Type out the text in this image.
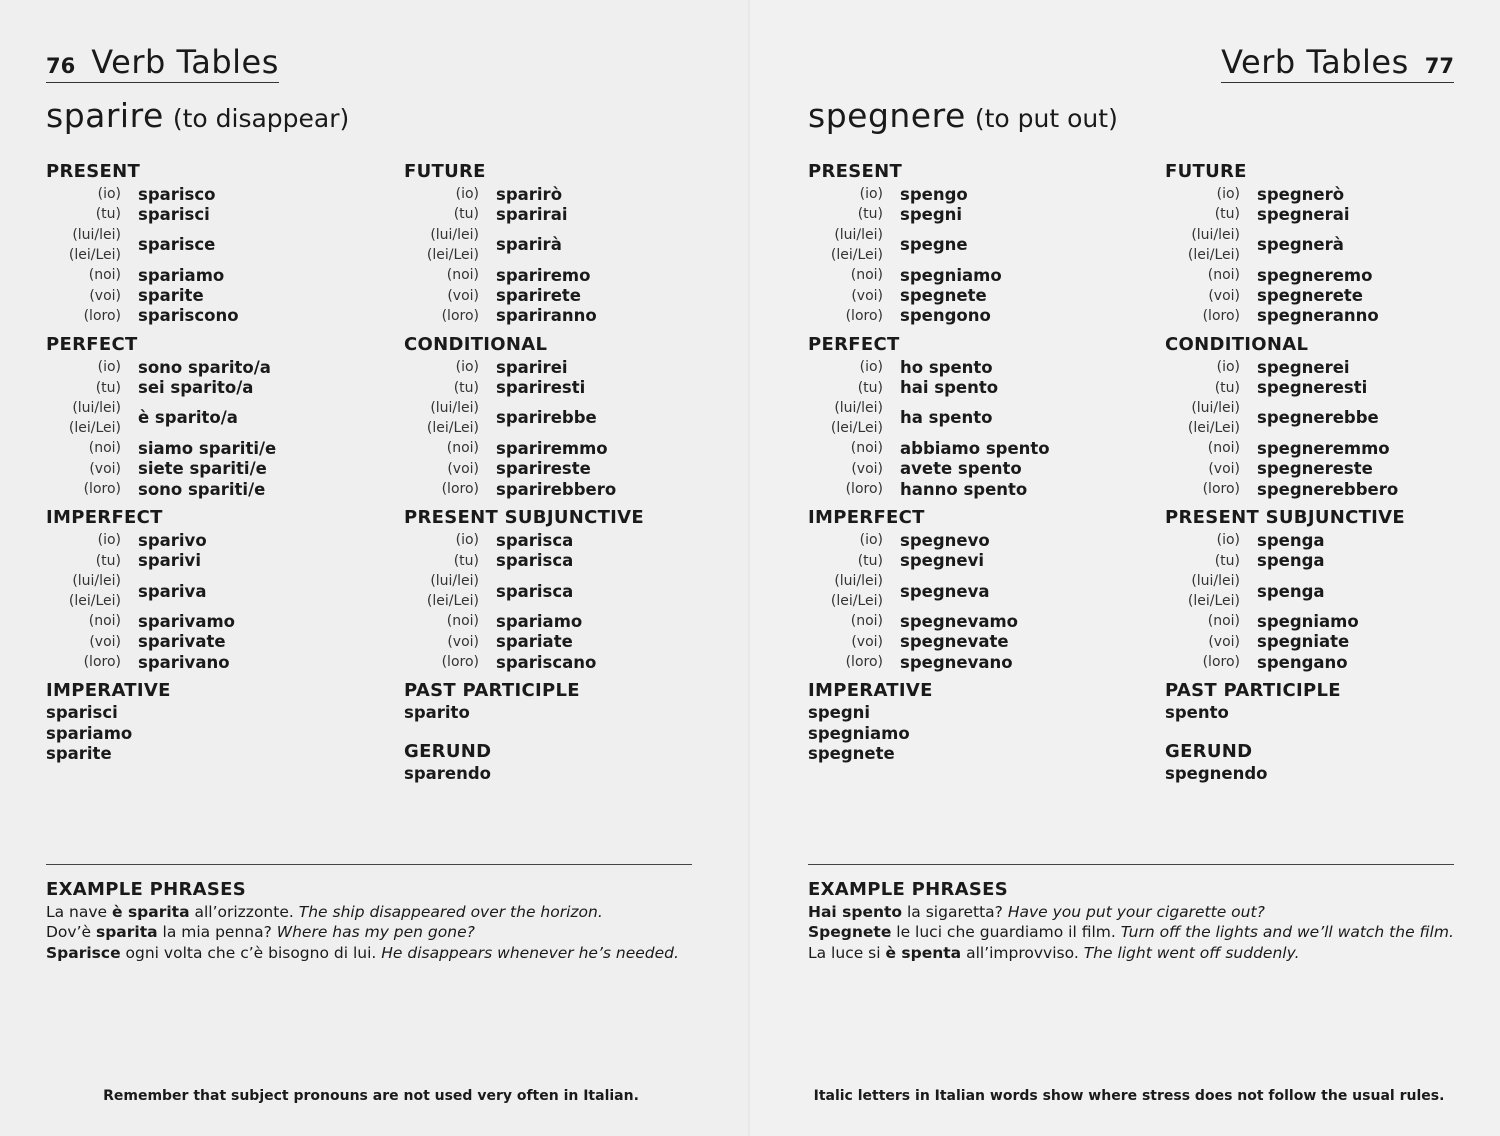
76 Verb Tables
sparire (to disappear)
PRESENT
(io) sparisco
(tu) sparisci
(lui/lei)
(lei/Lei)
sparisce
(noi) spariamo
(voi) sparite
(loro) spariscono
PERFECT
(io) sono sparito/a
(tu) sei sparito/a
(lui/lei)
(lei/Lei)
è sparito/a
(noi) siamo spariti/e
(voi) siete spariti/e
(loro) sono spariti/e
IMPERFECT
(io) sparivo
(tu) sparivi
(lui/lei)
(lei/Lei)
spariva
(noi) sparivamo
(voi) sparivate
(loro) sparivano
IMPERATIVE
sparisci
spariamo
sparite
FUTURE
(io) sparirò
(tu) sparirai
(lui/lei)
(lei/Lei)
sparirà
(noi) spariremo
(voi) sparirete
(loro) spariranno
CONDITIONAL
(io) sparirei
(tu) spariresti
(lui/lei)
(lei/Lei)
sparirebbe
(noi) spariremmo
(voi) sparireste
(loro) sparirebbero
PRESENT SUBJUNCTIVE
(io) sparisca
(tu) sparisca
(lui/lei)
(lei/Lei)
sparisca
(noi) spariamo
(voi) spariate
(loro) spariscano
PAST PARTICIPLE
sparito
GERUND
sparendo
EXAMPLE PHRASES
La nave è sparita all’orizzonte. The ship disappeared over the horizon.
Dov’è sparita la mia penna? Where has my pen gone?
Sparisce ogni volta che c’è bisogno di lui. He disappears whenever he’s needed.
Remember that subject pronouns are not used very often in Italian.
Verb Tables 77
spegnere (to put out)
PRESENT
(io) spengo
(tu) spegni
(lui/lei)
(lei/Lei)
spegne
(noi) spegniamo
(voi) spegnete
(loro) spengono
PERFECT
(io) ho spento
(tu) hai spento
(lui/lei)
(lei/Lei)
ha spento
(noi) abbiamo spento
(voi) avete spento
(loro) hanno spento
IMPERFECT
(io) spegnevo
(tu) spegnevi
(lui/lei)
(lei/Lei)
spegneva
(noi) spegnevamo
(voi) spegnevate
(loro) spegnevano
IMPERATIVE
spegni
spegniamo
spegnete
FUTURE
(io) spegnerò
(tu) spegnerai
(lui/lei)
(lei/Lei)
spegnerà
(noi) spegneremo
(voi) spegnerete
(loro) spegneranno
CONDITIONAL
(io) spegnerei
(tu) spegneresti
(lui/lei)
(lei/Lei)
spegnerebbe
(noi) spegneremmo
(voi) spegnereste
(loro) spegnerebbero
PRESENT SUBJUNCTIVE
(io) spenga
(tu) spenga
(lui/lei)
(lei/Lei)
spenga
(noi) spegniamo
(voi) spegniate
(loro) spengano
PAST PARTICIPLE
spento
GERUND
spegnendo
EXAMPLE PHRASES
Hai spento la sigaretta? Have you put your cigarette out?
Spegnete le luci che guardiamo il film. Turn off the lights and we’ll watch the film.
La luce si è spenta all’improvviso. The light went off suddenly.
Italic letters in Italian words show where stress does not follow the usual rules.
